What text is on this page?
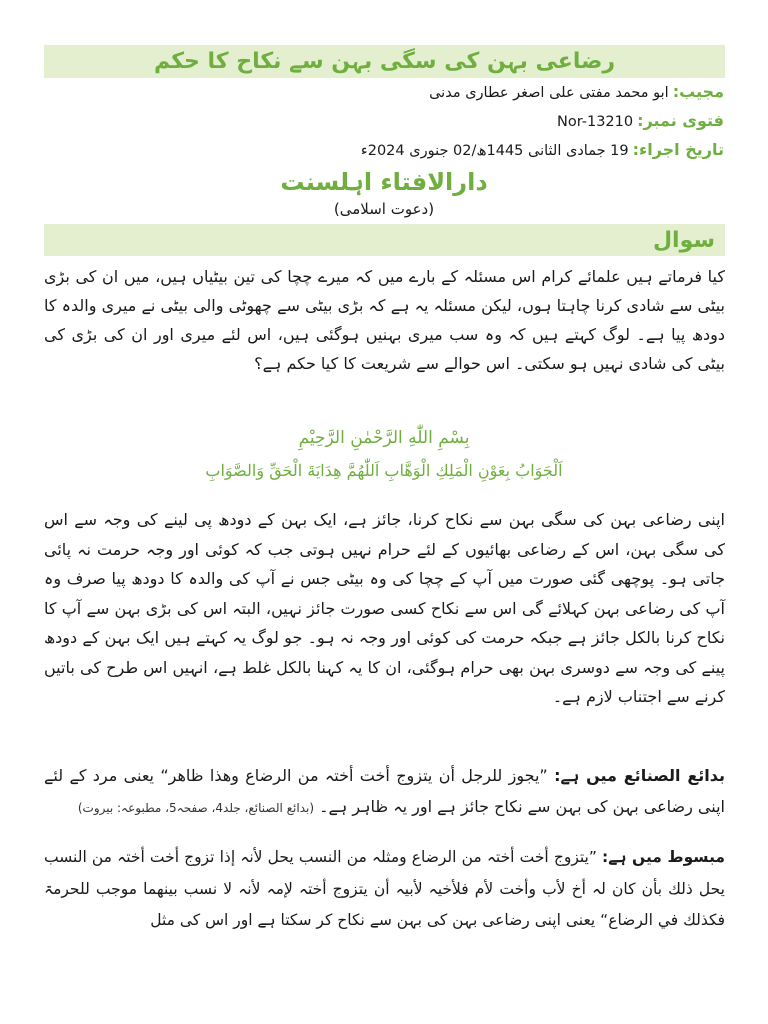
رضاعی بہن کی سگی بہن سے نکاح کا حکم
مجیب:ابو محمد مفتی علی اصغر عطاری مدنی
فتوی نمبر:Nor-13210
تاریخ اجراء:19 جمادی الثانی 1445ھ/02 جنوری 2024ء
دارالافتاء اہلسنت
(دعوت اسلامی)
سوال
کیا فرماتے ہیں علمائے کرام اس مسئلہ کے بارے میں کہ میرے چچا کی تین بیٹیاں ہیں، میں ان کی بڑی بیٹی سے شادی کرنا چاہتا ہوں، لیکن مسئلہ یہ ہے کہ بڑی بیٹی سے چھوٹی والی بیٹی نے میری والدہ کا دودھ پیا ہے۔ لوگ کہتے ہیں کہ وہ سب میری بہنیں ہوگئی ہیں، اس لئے میری اور ان کی بڑی کی بیٹی کی شادی نہیں ہو سکتی۔ اس حوالے سے شریعت کا کیا حکم ہے؟
بِسْمِ اللّٰهِ الرَّحْمٰنِ الرَّحِيْمِ
اَلْجَوَابُ بِعَوْنِ الْمَلِكِ الْوَهَّابِ اَللّٰهُمَّ هِدَايَةَ الْحَقِّ وَالصَّوَابِ
اپنی رضاعی بہن کی سگی بہن سے نکاح کرنا، جائز ہے، ایک بہن کے دودھ پی لینے کی وجہ سے اس کی سگی بہن، اس کے رضاعی بھائیوں کے لئے حرام نہیں ہوتی جب کہ کوئی اور وجہ حرمت نہ پائی جاتی ہو۔ پوچھی گئی صورت میں آپ کے چچا کی وہ بیٹی جس نے آپ کی والدہ کا دودھ پیا صرف وہ آپ کی رضاعی بہن کہلائے گی اس سے نکاح کسی صورت جائز نہیں، البتہ اس کی بڑی بہن سے آپ کا نکاح کرنا بالکل جائز ہے جبکہ حرمت کی کوئی اور وجہ نہ ہو۔ جو لوگ یہ کہتے ہیں ایک بہن کے دودھ پینے کی وجہ سے دوسری بہن بھی حرام ہوگئی، ان کا یہ کہنا بالکل غلط ہے، انہیں اس طرح کی باتیں کرنے سے اجتناب لازم ہے۔
بدائع الصنائع میں ہے: ”یجوز للرجل أن یتزوج أخت أختہ من الرضاع وھذا ظاھر“ یعنی مرد کے لئے اپنی رضاعی بہن کی بہن سے نکاح جائز ہے اور یہ ظاہر ہے۔ (بدائع الصنائع، جلد4، صفحہ5، مطبوعہ: بیروت)
مبسوط میں ہے: ”یتزوج أخت أختہ من الرضاع ومثلہ من النسب یحل لأنہ إذا تزوج أخت أختہ من النسب یحل ذلك بأن كان لہ أخ لأب وأخت لأم فلأخیہ لأبیہ أن یتزوج أختہ لإمہ لأنہ لا نسب بینھما موجب للحرمۃ فكذلك في الرضاع“ یعنی اپنی رضاعی بہن کی بہن سے نکاح کر سکتا ہے اور اس کی مثل
